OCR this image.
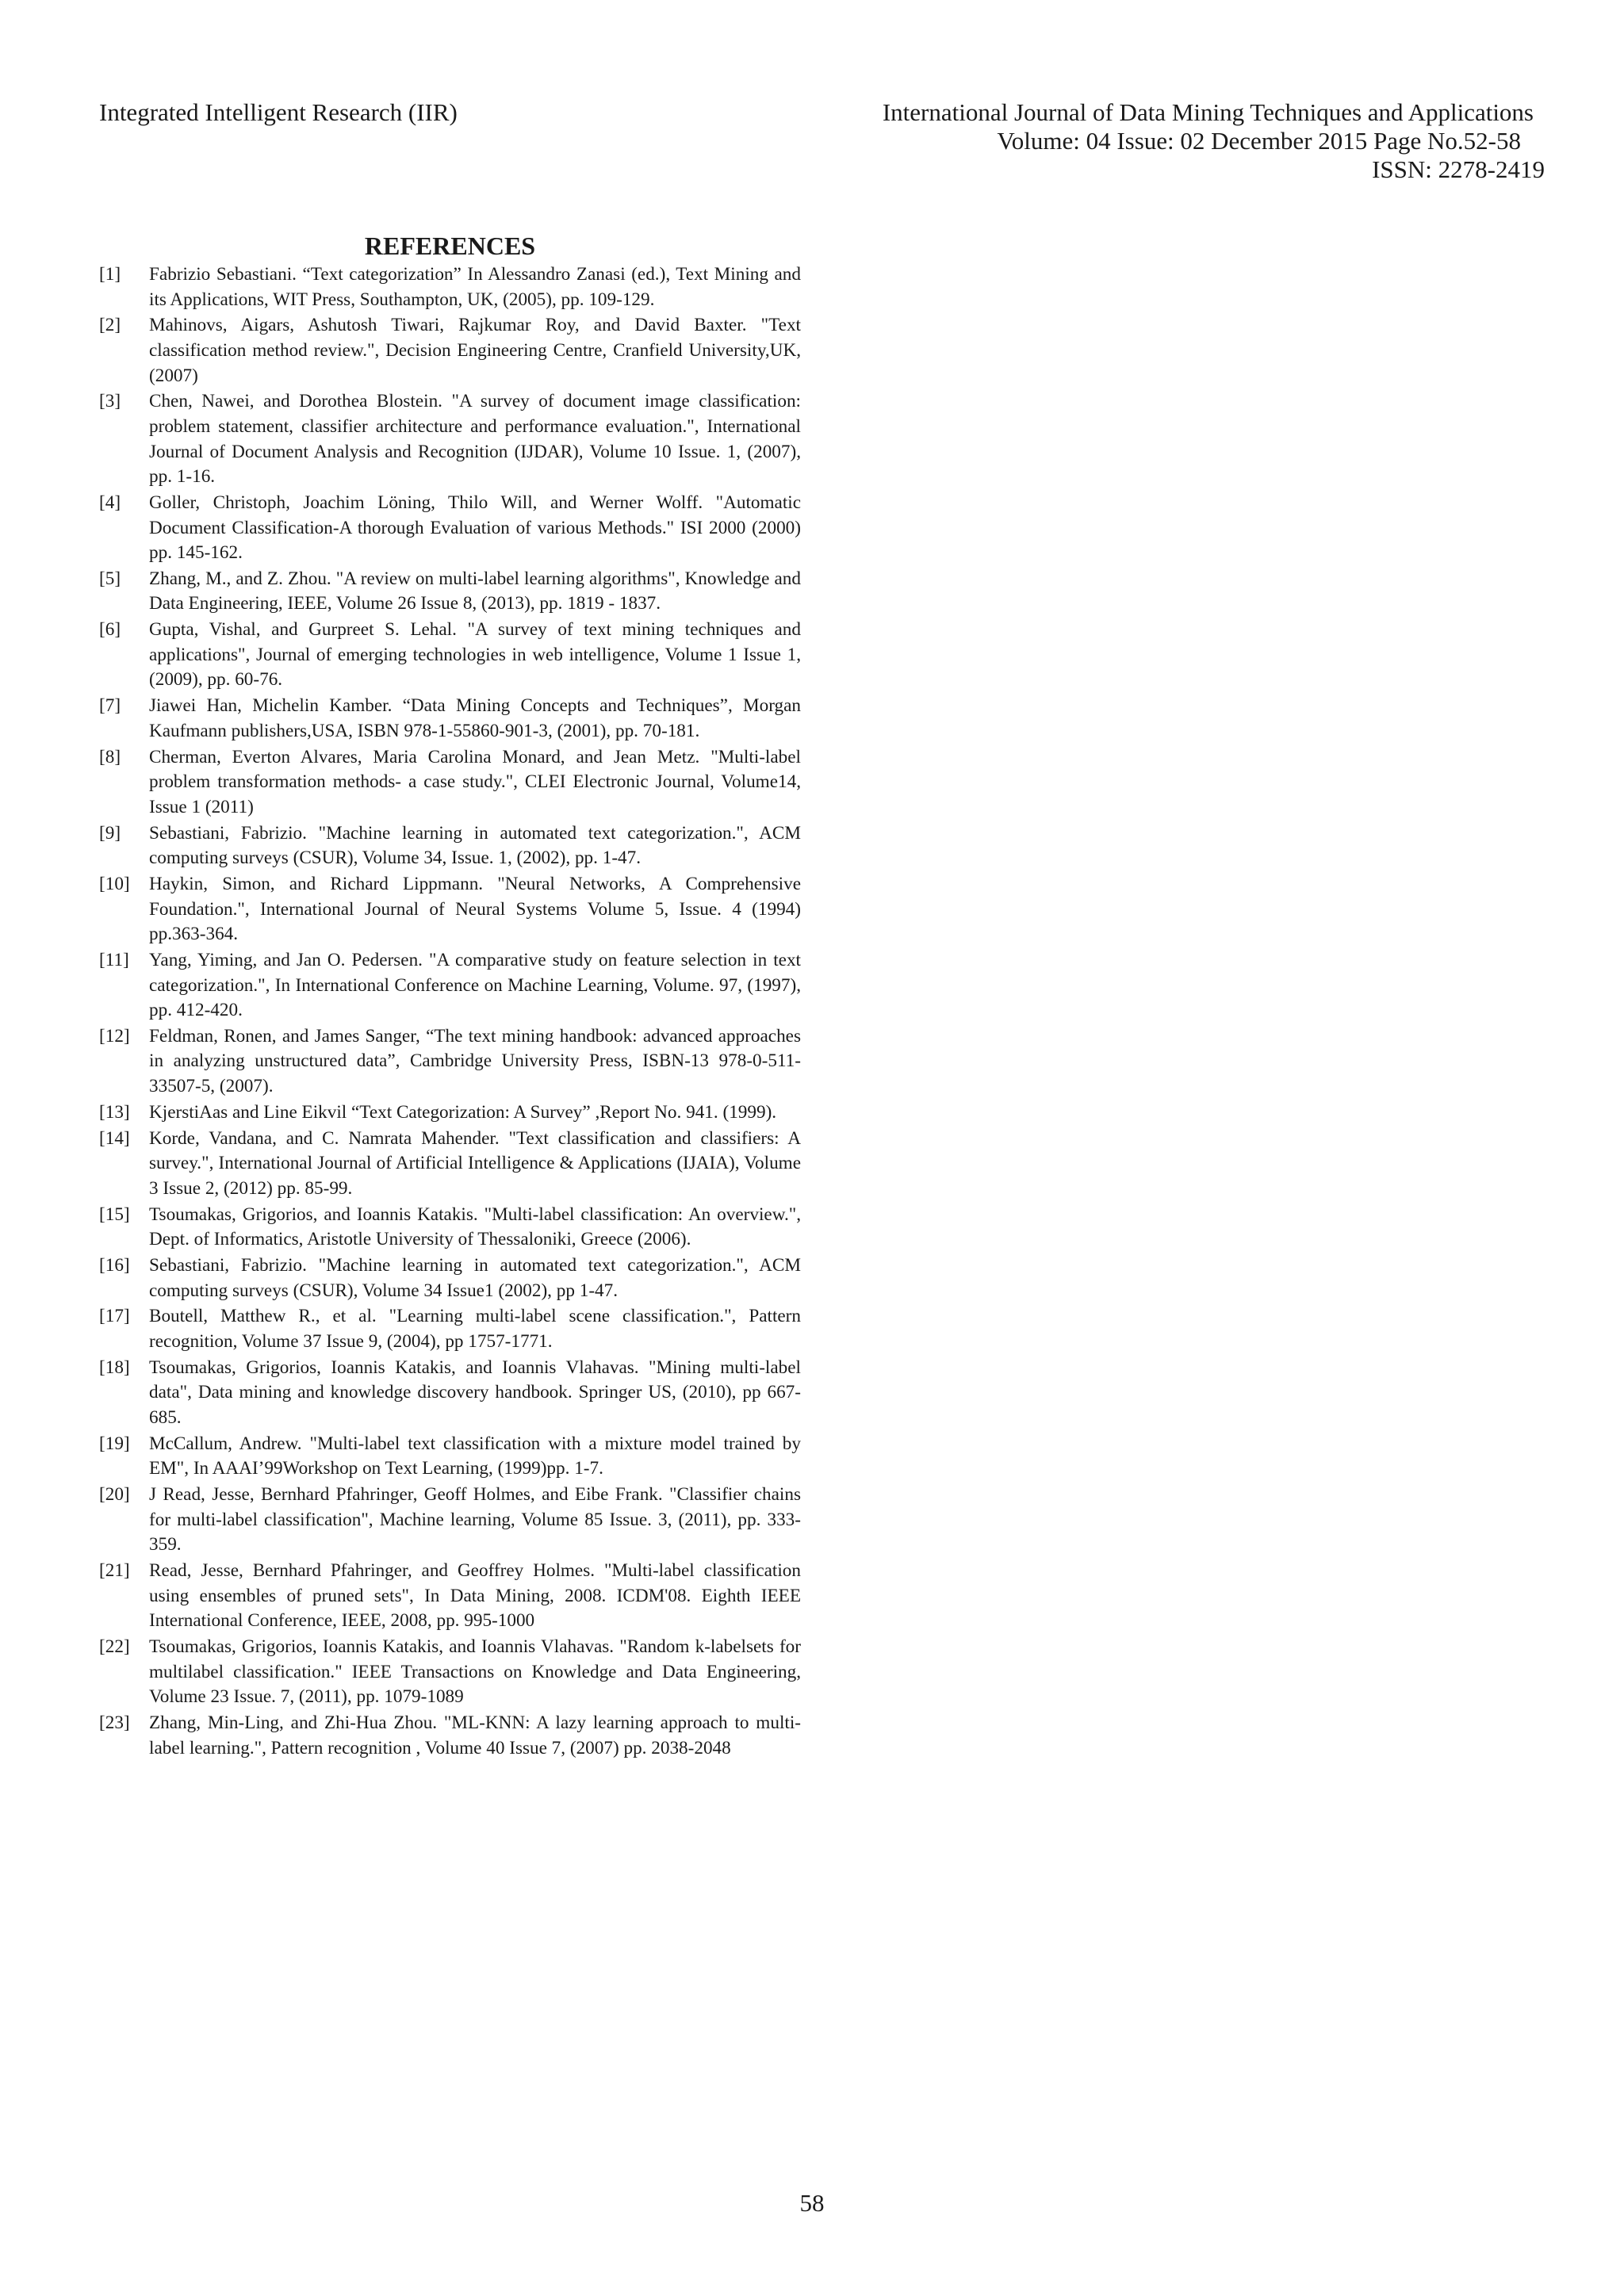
Integrated Intelligent Research (IIR)	International Journal of Data Mining Techniques and Applications
Volume: 04 Issue: 02 December 2015 Page No.52-58
ISSN: 2278-2419
REFERENCES
[1] Fabrizio Sebastiani. “Text categorization” In Alessandro Zanasi (ed.), Text Mining and its Applications, WIT Press, Southampton, UK, (2005), pp. 109-129.
[2] Mahinovs, Aigars, Ashutosh Tiwari, Rajkumar Roy, and David Baxter. "Text classification method review.", Decision Engineering Centre, Cranfield University,UK,(2007)
[3] Chen, Nawei, and Dorothea Blostein. "A survey of document image classification: problem statement, classifier architecture and performance evaluation.", International Journal of Document Analysis and Recognition (IJDAR), Volume 10 Issue. 1, (2007), pp. 1-16.
[4] Goller, Christoph, Joachim Löning, Thilo Will, and Werner Wolff. "Automatic Document Classification-A thorough Evaluation of various Methods." ISI 2000 (2000) pp. 145-162.
[5] Zhang, M., and Z. Zhou. "A review on multi-label learning algorithms", Knowledge and Data Engineering, IEEE, Volume 26 Issue 8, (2013), pp. 1819 - 1837.
[6] Gupta, Vishal, and Gurpreet S. Lehal. "A survey of text mining techniques and applications", Journal of emerging technologies in web intelligence, Volume 1 Issue 1, (2009), pp. 60-76.
[7] Jiawei Han, Michelin Kamber. “Data Mining Concepts and Techniques”, Morgan Kaufmann publishers,USA, ISBN 978-1-55860-901-3, (2001), pp. 70-181.
[8] Cherman, Everton Alvares, Maria Carolina Monard, and Jean Metz. "Multi-label problem transformation methods- a case study.", CLEI Electronic Journal, Volume14, Issue 1 (2011)
[9] Sebastiani, Fabrizio. "Machine learning in automated text categorization.", ACM computing surveys (CSUR), Volume 34, Issue. 1, (2002), pp. 1-47.
[10] Haykin, Simon, and Richard Lippmann. "Neural Networks, A Comprehensive Foundation.", International Journal of Neural Systems Volume 5, Issue. 4 (1994) pp.363-364.
[11] Yang, Yiming, and Jan O. Pedersen. "A comparative study on feature selection in text categorization.", In International Conference on Machine Learning, Volume. 97, (1997), pp. 412-420.
[12] Feldman, Ronen, and James Sanger, “The text mining handbook: advanced approaches in analyzing unstructured data”, Cambridge University Press, ISBN-13 978-0-511-33507-5, (2007).
[13] KjerstiAas and Line Eikvil “Text Categorization: A Survey” ,Report No. 941. (1999).
[14] Korde, Vandana, and C. Namrata Mahender. "Text classification and classifiers: A survey.", International Journal of Artificial Intelligence & Applications (IJAIA), Volume 3 Issue 2, (2012) pp. 85-99.
[15] Tsoumakas, Grigorios, and Ioannis Katakis. "Multi-label classification: An overview.", Dept. of Informatics, Aristotle University of Thessaloniki, Greece (2006).
[16] Sebastiani, Fabrizio. "Machine learning in automated text categorization.", ACM computing surveys (CSUR), Volume 34 Issue1 (2002), pp 1-47.
[17] Boutell, Matthew R., et al. "Learning multi-label scene classification.", Pattern recognition, Volume 37 Issue 9, (2004), pp 1757-1771.
[18] Tsoumakas, Grigorios, Ioannis Katakis, and Ioannis Vlahavas. "Mining multi-label data", Data mining and knowledge discovery handbook. Springer US, (2010), pp 667-685.
[19] McCallum, Andrew. "Multi-label text classification with a mixture model trained by EM", In AAAI’99Workshop on Text Learning, (1999)pp. 1-7.
[20] J Read, Jesse, Bernhard Pfahringer, Geoff Holmes, and Eibe Frank. "Classifier chains for multi-label classification", Machine learning, Volume 85 Issue. 3, (2011), pp. 333-359.
[21] Read, Jesse, Bernhard Pfahringer, and Geoffrey Holmes. "Multi-label classification using ensembles of pruned sets", In Data Mining, 2008. ICDM'08. Eighth IEEE International Conference, IEEE, 2008, pp. 995-1000
[22] Tsoumakas, Grigorios, Ioannis Katakis, and Ioannis Vlahavas. "Random k-labelsets for multilabel classification." IEEE Transactions on Knowledge and Data Engineering, Volume 23 Issue. 7, (2011), pp. 1079-1089
[23] Zhang, Min-Ling, and Zhi-Hua Zhou. "ML-KNN: A lazy learning approach to multi-label learning.", Pattern recognition , Volume 40 Issue 7, (2007) pp. 2038-2048
58
